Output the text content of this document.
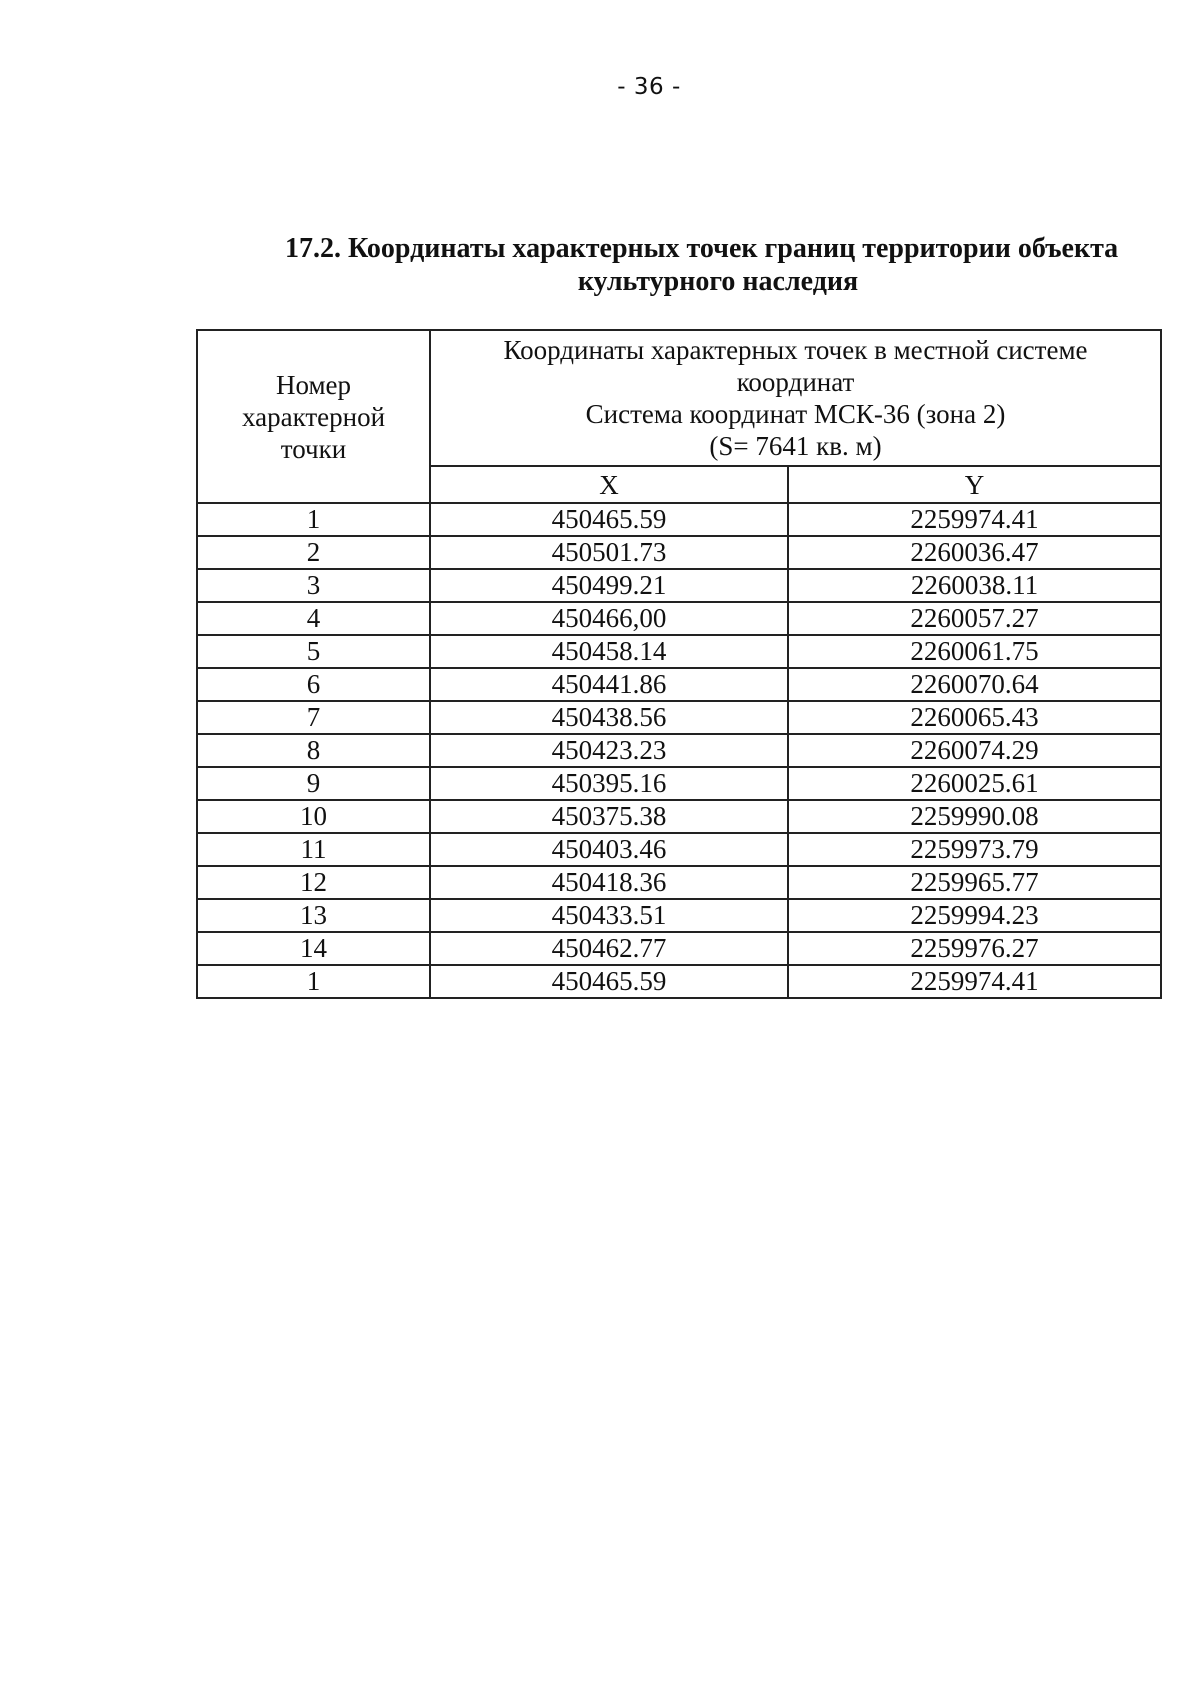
- 36 -
17.2. Координаты характерных точек границ территории объекта
культурного наследия
Номер
характерной
точки	Координаты характерных точек в местной системе
координат
Система координат МСК-36 (зона 2)
(S= 7641 кв. м)	

	X	Y
1	450465.59	2259974.41
2	450501.73	2260036.47
3	450499.21	2260038.11
4	450466,00	2260057.27
5	450458.14	2260061.75
6	450441.86	2260070.64
7	450438.56	2260065.43
8	450423.23	2260074.29
9	450395.16	2260025.61
10	450375.38	2259990.08
11	450403.46	2259973.79
12	450418.36	2259965.77
13	450433.51	2259994.23
14	450462.77	2259976.27
1	450465.59	2259974.41
